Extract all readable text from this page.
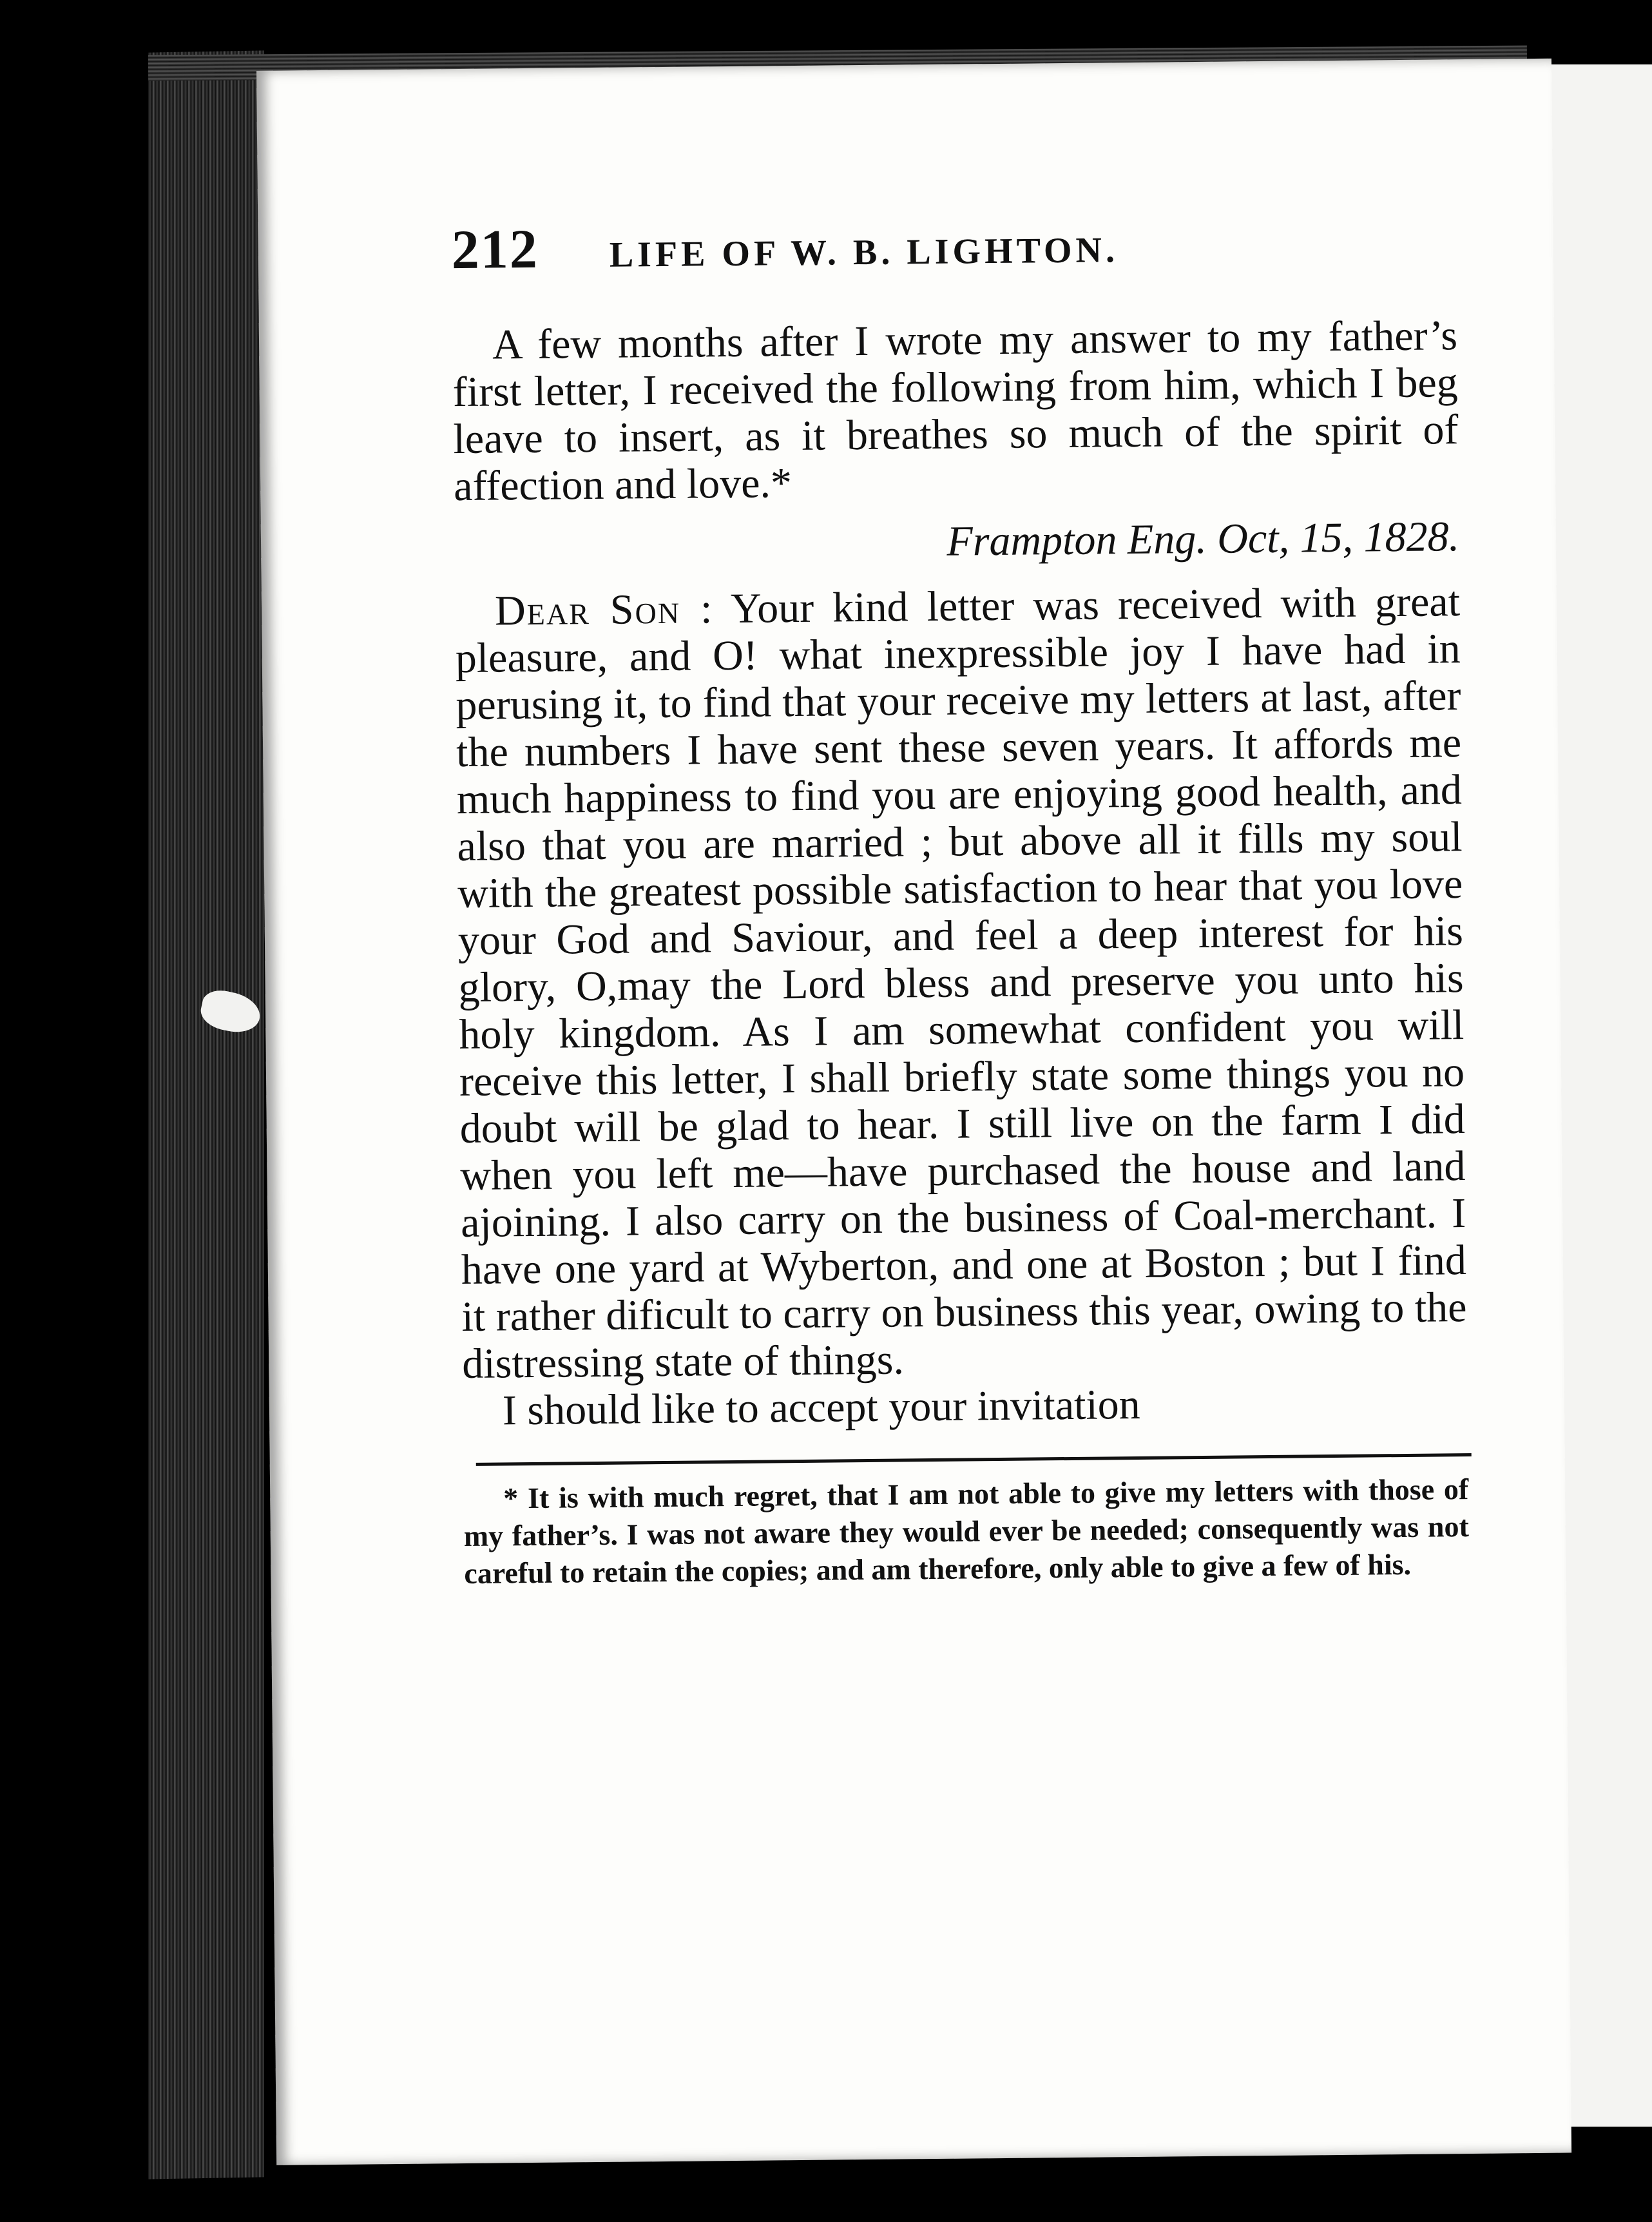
212 LIFE OF W. B. LIGHTON.

A few months after I wrote my answer to my father’s first letter, I received the following from him, which I beg leave to insert, as it breathes so much of the spirit of affection and love.*

Frampton Eng. Oct, 15, 1828.

Dear Son : Your kind letter was received with great pleasure, and O! what inexpressible joy I have had in perusing it, to find that your receive my letters at last, after the numbers I have sent these seven years. It affords me much happiness to find you are enjoying good health, and also that you are married ; but above all it fills my soul with the greatest possible satisfaction to hear that you love your God and Saviour, and feel a deep interest for his glory, O,may the Lord bless and preserve you unto his holy kingdom. As I am somewhat confident you will receive this letter, I shall briefly state some things you no doubt will be glad to hear. I still live on the farm I did when you left me—have purchased the house and land ajoining. I also carry on the business of Coal-merchant. I have one yard at Wyberton, and one at Boston ; but I find it rather dificult to carry on business this year, owing to the distressing state of things.

I should like to accept your invitation

* It is with much regret, that I am not able to give my letters with those of my father’s. I was not aware they would ever be needed; consequently was not careful to retain the copies; and am therefore, only able to give a few of his.
